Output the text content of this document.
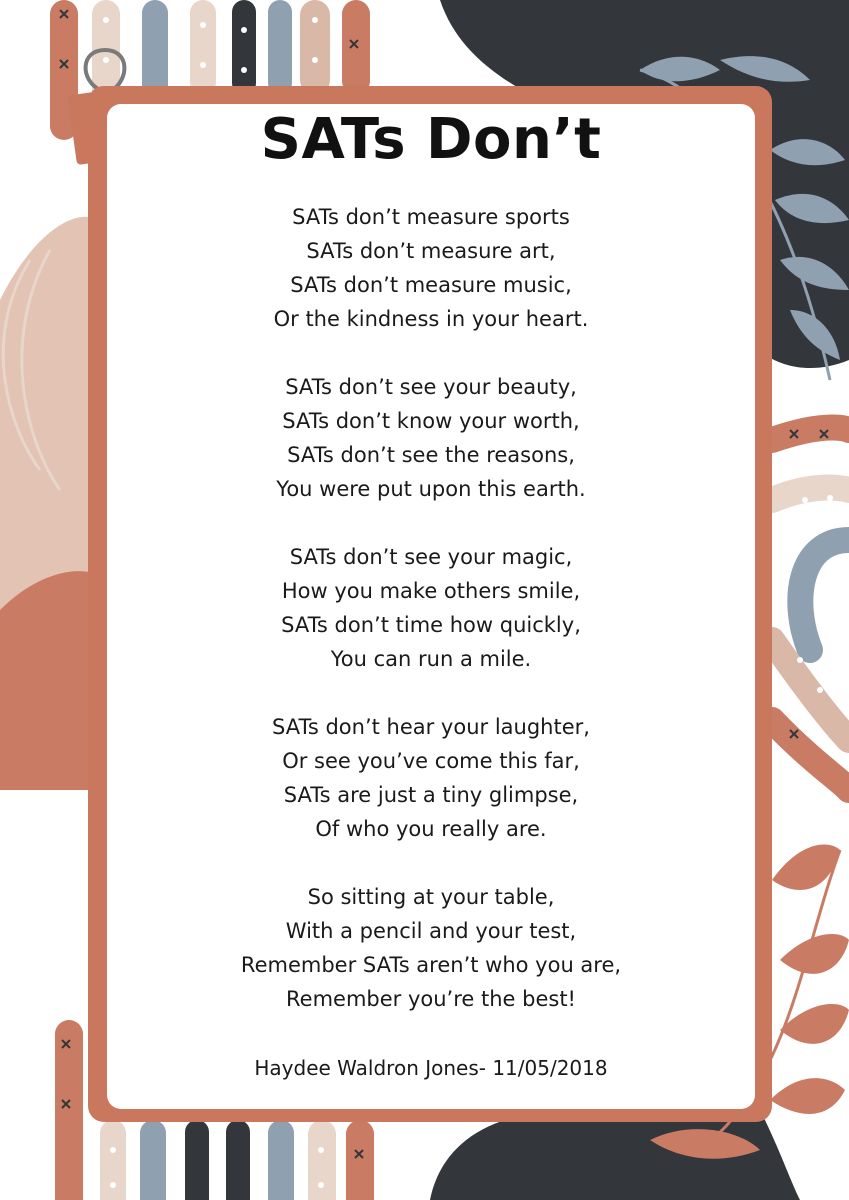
SATs Don’t

SATs don’t measure sports
SATs don’t measure art,
SATs don’t measure music,
Or the kindness in your heart.

SATs don’t see your beauty,
SATs don’t know your worth,
SATs don’t see the reasons,
You were put upon this earth.

SATs don’t see your magic,
How you make others smile,
SATs don’t time how quickly,
You can run a mile.

SATs don’t hear your laughter,
Or see you’ve come this far,
SATs are just a tiny glimpse,
Of who you really are.

So sitting at your table,
With a pencil and your test,
Remember SATs aren’t who you are,
Remember you’re the best!

Haydee Waldron Jones- 11/05/2018
